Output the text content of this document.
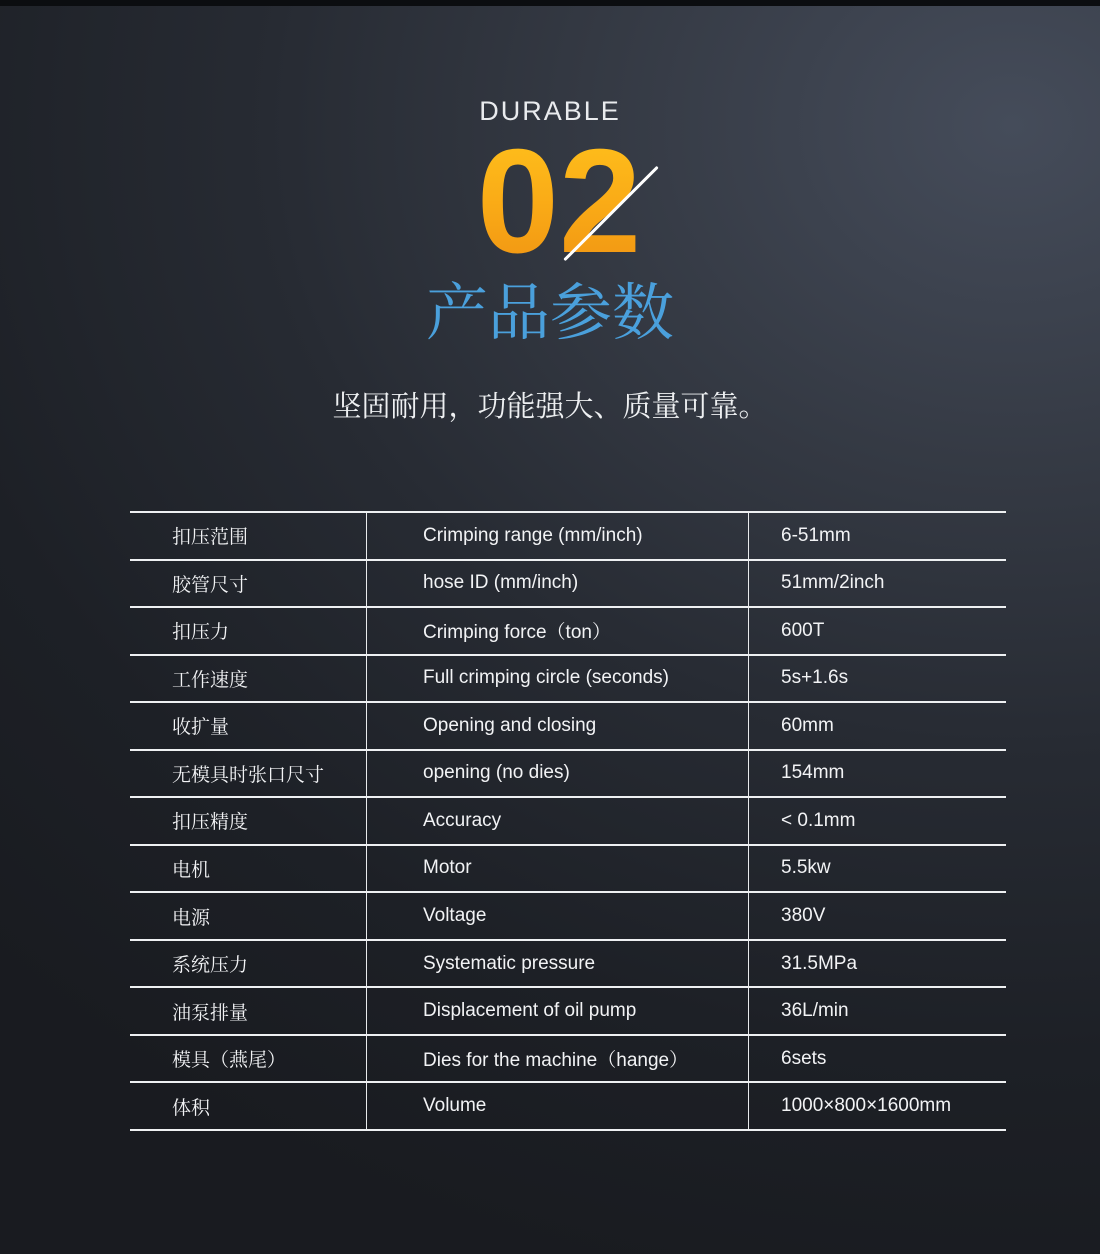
DURABLE
02
产品参数
坚固耐用，功能强大、质量可靠。
扣压范围	Crimping range (mm/inch)	6-51mm
胶管尺寸	hose ID (mm/inch)	51mm/2inch
扣压力	Crimping force（ton）	600T
工作速度	Full crimping circle (seconds)	5s+1.6s
收扩量	Opening and closing	60mm
无模具时张口尺寸	opening (no dies)	154mm
扣压精度	Accuracy	< 0.1mm
电机	Motor	5.5kw
电源	Voltage	380V
系统压力	Systematic pressure	31.5MPa
油泵排量	Displacement of oil pump	36L/min
模具（燕尾）	Dies for the machine（hange）	6sets
体积	Volume	1000×800×1600mm
